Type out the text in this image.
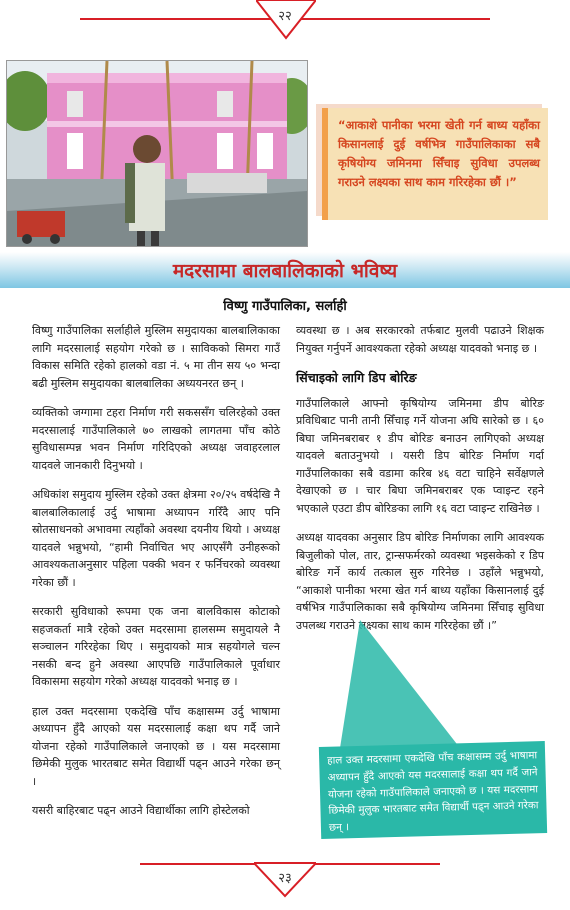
२२
“आकाशे पानीका भरमा खेती गर्न बाध्य यहाँका किसानलाई दुई वर्षभित्र गाउँपालिकाका सबै कृषियोग्य जमिनमा सिँचाइ सुविधा उपलब्ध गराउने लक्ष्यका साथ काम गरिरहेका छौं ।”
मदरसामा बालबालिकाको भविष्य
विष्णु गाउँपालिका, सर्लाही

विष्णु गाउँपालिका सर्लाहीले मुस्लिम समुदायका बालबालिकाका लागि मदरसालाई सहयोग गरेको छ । साविकको सिमरा गाउँ विकास समिति रहेको हालको वडा नं. ५ मा तीन सय ५० भन्दा बढी मुस्लिम समुदायका बालबालिका अध्ययनरत छन् ।

व्यक्तिको जग्गामा टहरा निर्माण गरी सकससँग चलिरहेको उक्त मदरसालाई गाउँपालिकाले ७० लाखको लागतमा पाँच कोठे सुविधासम्पन्न भवन निर्माण गरिदिएको अध्यक्ष जवाहरलाल यादवले जानकारी दिनुभयो ।

अधिकांश समुदाय मुस्लिम रहेको उक्त क्षेत्रमा २०/२५ वर्षदेखि नै बालबालिकालाई उर्दु भाषामा अध्यापन गरिँदै आए पनि स्रोतसाधनको अभावमा त्यहाँको अवस्था दयनीय थियो । अध्यक्ष यादवले भन्नुभयो, “हामी निर्वाचित भए आएसँगै उनीहरूको आवश्यकताअनुसार पहिला पक्की भवन र फर्निचरको व्यवस्था गरेका छौं ।

सरकारी सुविधाको रूपमा एक जना बालविकास कोटाको सहजकर्ता मात्रै रहेको उक्त मदरसामा हालसम्म समुदायले नै सञ्चालन गरिरहेका थिए । समुदायको मात्र सहयोगले चल्न नसकी बन्द हुने अवस्था आएपछि गाउँपालिकाले पूर्वाधार विकासमा सहयोग गरेको अध्यक्ष यादवको भनाइ छ ।

हाल उक्त मदरसामा एकदेखि पाँच कक्षासम्म उर्दु भाषामा अध्यापन हुँदै आएको यस मदरसालाई कक्षा थप गर्दै जाने योजना रहेको गाउँपालिकाले जनाएको छ । यस मदरसामा छिमेकी मुलुक भारतबाट समेत विद्यार्थी पढ्न आउने गरेका छन् ।

यसरी बाहिरबाट पढ्न आउने विद्यार्थीका लागि होस्टेलको

व्यवस्था छ । अब सरकारको तर्फबाट मुलवी पढाउने शिक्षक नियुक्त गर्नुपर्ने आवश्यकता रहेको अध्यक्ष यादवको भनाइ छ ।

सिंचाइको लागि डिप बोरिङ

गाउँपालिकाले आफ्नो कृषियोग्य जमिनमा डीप बोरिङ प्रविधिबाट पानी तानी सिँचाइ गर्ने योजना अघि सारेको छ । ६० बिघा जमिनबराबर १ डीप बोरिङ बनाउन लागिएको अध्यक्ष यादवले बताउनुभयो । यसरी डिप बोरिङ निर्माण गर्दा गाउँपालिकाका सबै वडामा करिब ४६ वटा चाहिने सर्वेक्षणले देखाएको छ । चार बिघा जमिनबराबर एक प्वाइन्ट रहने भएकाले एउटा डीप बोरिङका लागि १६ वटा प्वाइन्ट राखिनेछ ।

अध्यक्ष यादवका अनुसार डिप बोरिङ निर्माणका लागि आवश्यक बिजुलीको पोल, तार, ट्रान्सफर्मरको व्यवस्था भइसकेको र डिप बोरिङ गर्ने कार्य तत्काल सुरु गरिनेछ । उहाँले भन्नुभयो, “आकाशे पानीका भरमा खेत गर्न बाध्य यहाँका किसानलाई दुई वर्षभित्र गाउँपालिकाका सबै कृषियोग्य जमिनमा सिँचाइ सुविधा उपलब्ध गराउने लक्ष्यका साथ काम गरिरहेका छौं ।”

हाल उक्त मदरसामा एकदेखि पाँच कक्षासम्म उर्दु भाषामा अध्यापन हुँदै आएको यस मदरसालाई कक्षा थप गर्दै जाने योजना रहेको गाउँपालिकाले जनाएको छ । यस मदरसामा छिमेकी मुलुक भारतबाट समेत विद्यार्थी पढ्न आउने गरेका छन् ।
२३
